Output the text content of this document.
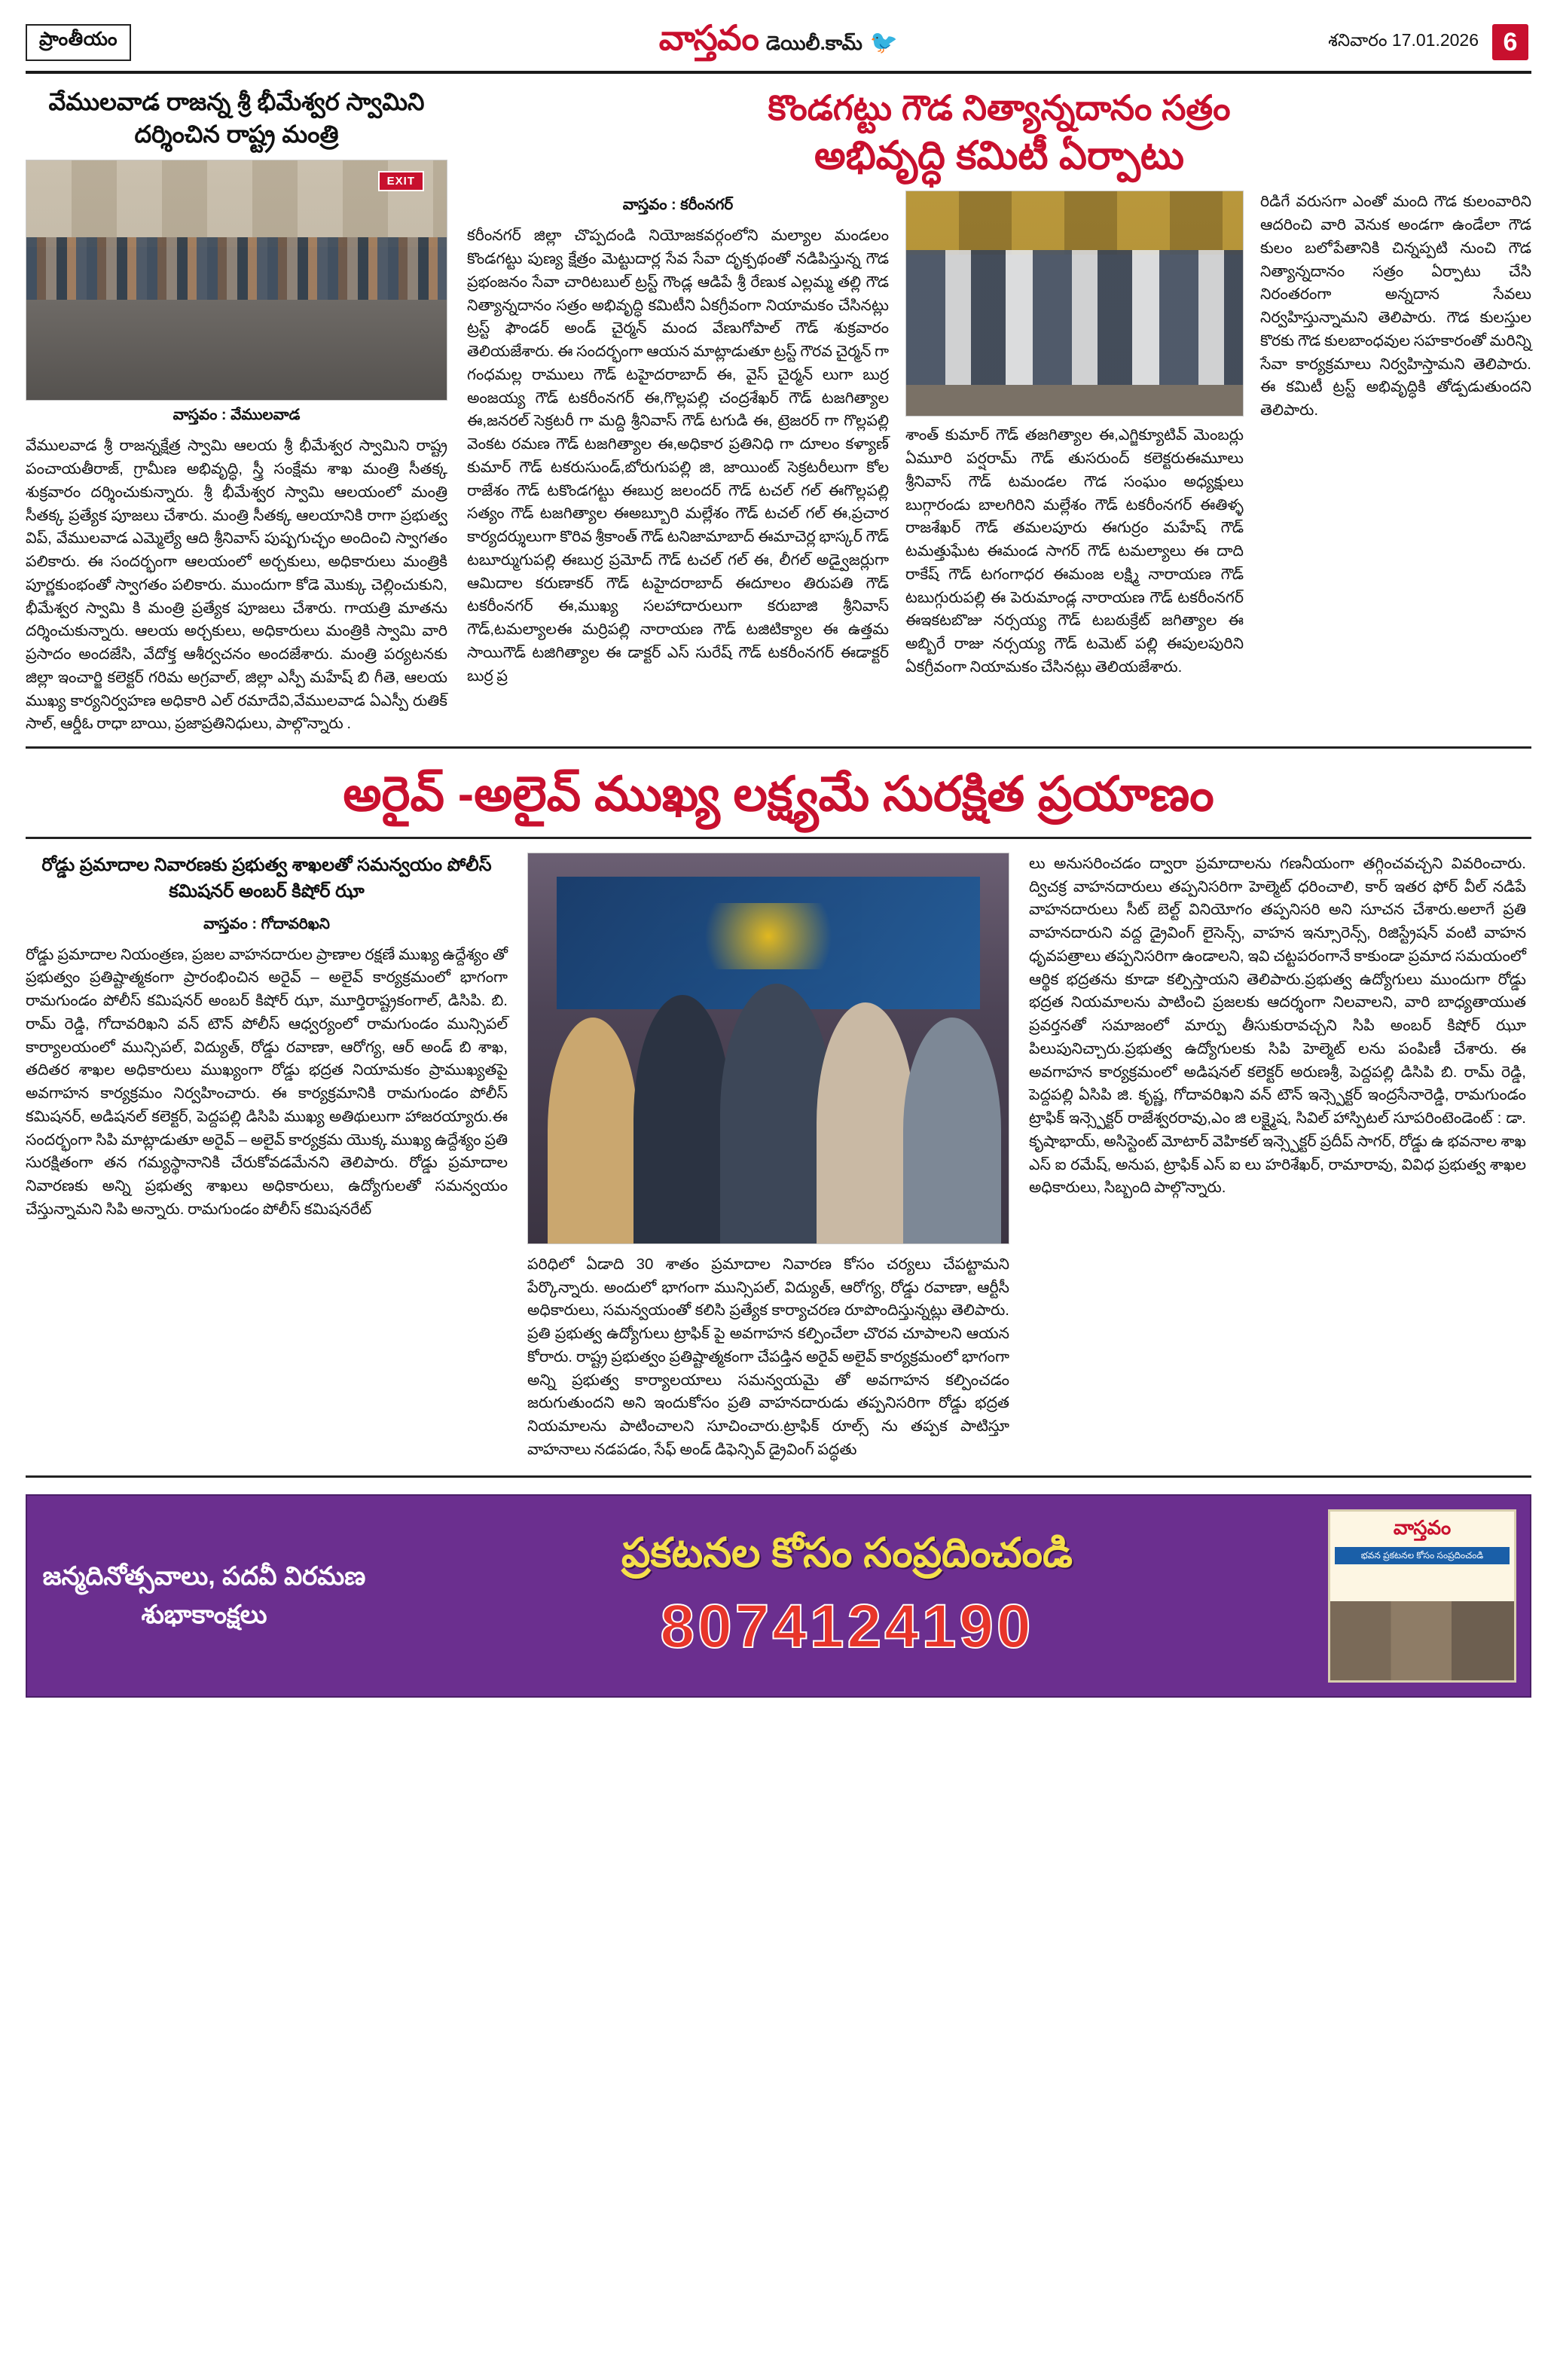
ప్రాంతీయం	వాస్తవం డెయిలీ.కామ్ 🐦	శనివారం 17.01.2026 6
వేములవాడ రాజన్న శ్రీ భీమేశ్వర స్వామిని దర్శించిన రాష్ట్ర మంత్రి
EXIT
వాస్తవం : వేములవాడ
వేములవాడ శ్రీ రాజన్నక్షేత్ర స్వామి ఆలయ శ్రీ భీమేశ్వర స్వామిని రాష్ట్ర పంచాయతీరాజ్, గ్రామీణ అభివృద్ధి, స్త్రీ సంక్షేమ శాఖ మంత్రి సీతక్క శుక్రవారం దర్శించుకున్నారు. శ్రీ భీమేశ్వర స్వామి ఆలయంలో మంత్రి సీతక్క ప్రత్యేక పూజలు చేశారు. మంత్రి సీతక్క ఆలయానికి రాగా ప్రభుత్వ విప్, వేములవాడ ఎమ్మెల్యే ఆది శ్రీనివాస్ పుష్పగుచ్ఛం అందించి స్వాగతం పలికారు. ఈ సందర్భంగా ఆలయంలో అర్చకులు, అధికారులు మంత్రికి పూర్ణకుంభంతో స్వాగతం పలికారు. ముందుగా కోడె మొక్కు చెల్లించుకుని, భీమేశ్వర స్వామి కి మంత్రి ప్రత్యేక పూజలు చేశారు. గాయత్రి మాతను దర్శించుకున్నారు. ఆలయ అర్చకులు, అధికారులు మంత్రికి స్వామి వారి ప్రసాదం అందజేసి, వేదోక్త ఆశీర్వచనం అందజేశారు. మంత్రి పర్యటనకు జిల్లా ఇంచార్జి కలెక్టర్ గరిమ అగ్రవాల్, జిల్లా ఎస్పీ మహేష్ బి గీతె, ఆలయ ముఖ్య కార్యనిర్వహణ అధికారి ఎల్ రమాదేవి,వేములవాడ ఏఎస్పీ రుతిక్ సాల్, ఆర్డీఓ రాధా బాయి, ప్రజాప్రతినిధులు, పాల్గొన్నారు .
కొండగట్టు గౌడ నిత్యాన్నదానం సత్రం
అభివృద్ధి కమిటీ ఏర్పాటు
వాస్తవం : కరీంనగర్
కరీంనగర్ జిల్లా చొప్పదండి నియోజకవర్గంలోని మల్యాల మండలం కొండగట్టు పుణ్య క్షేత్రం మెట్టుదార్ల సేవ సేవా దృక్పథంతో నడిపిస్తున్న గౌడ ప్రభంజనం సేవా చారిటబుల్ ట్రస్ట్ గౌండ్ల ఆడిపే శ్రీ రేణుక ఎల్లమ్మ తల్లి గౌడ నిత్యాన్నదానం సత్రం అభివృద్ధి కమిటీని ఏకగ్రీవంగా నియామకం చేసినట్లు ట్రస్ట్ ఫౌండర్ అండ్ చైర్మన్ మంద వేణుగోపాల్ గౌడ్ శుక్రవారం తెలియజేశారు. ఈ సందర్భంగా ఆయన మాట్లాడుతూ ట్రస్ట్ గౌరవ చైర్మన్ గా గంధమల్ల రాములు గౌడ్ టహైదరాబాద్ ఈ, వైస్ చైర్మన్ లుగా బుర్ర అంజయ్య గౌడ్ టకరీంనగర్ ఈ,గొల్లపల్లి చంద్రశేఖర్ గౌడ్ టజగిత్యాల ఈ,జనరల్ సెక్రటరీ గా మద్ది శ్రీనివాస్ గౌడ్ టగుడి ఈ, ట్రెజరర్ గా గొల్లపల్లి వెంకట రమణ గౌడ్ టజగిత్యాల ఈ,అధికార ప్రతినిధి గా దూలం కళ్యాణ్ కుమార్ గౌడ్ టకరుసుండ్,బోరుగుపల్లి జి, జాయింట్ సెక్రటరీలుగా కోల రాజేశం గౌడ్ టకొండగట్టు ఈబుర్ర జలందర్ గౌడ్ టచల్ గల్ ఈగొల్లపల్లి సత్యం గౌడ్ టజగిత్యాల ఈఅబ్బూరి మల్లేశం గౌడ్ టచల్ గల్ ఈ,ప్రచార కార్యదర్శులుగా కొరివ శ్రీకాంత్ గౌడ్ టనిజామాబాద్ ఈమాచెర్ల భాస్కర్ గౌడ్ టబూర్ముగుపల్లి ఈబుర్ర ప్రమోద్ గౌడ్ టచల్ గల్ ఈ, లీగల్ అడ్వైజర్లుగా ఆమిదాల కరుణాకర్ గౌడ్ టహైదరాబాద్ ఈదూలం తిరుపతి గౌడ్ టకరీంనగర్ ఈ,ముఖ్య సలహాదారులుగా కరుబాజి శ్రీనివాస్ గౌడ్,టమల్యాలఈ మర్రిపల్లి నారాయణ గౌడ్ టజిటిక్యాల ఈ ఉత్తమ సాయిగౌడ్ టజిగిత్యాల ఈ డాక్టర్ ఎస్ సురేష్ గౌడ్ టకరీంనగర్ ఈడాక్టర్ బుర్ర ప్ర
శాంత్ కుమార్ గౌడ్ తజగిత్యాల ఈ,ఎగ్జిక్యూటివ్ మెంబర్లు ఏమూరి పర్షరామ్ గౌడ్ తుసరుంద్ కలెక్టరుఈమూలు శ్రీనివాస్ గౌడ్ టమండల గౌడ సంఘం అధ్యక్షులు బుగ్గారండు బాలగిరిని మల్లేశం గౌడ్ టకరీంనగర్ ఈతిళ్ళ రాజశేఖర్ గౌడ్ తమలపూరు ఈగుర్రం మహేష్ గౌడ్ టమత్తుఘేట ఈమండ సాగర్ గౌడ్ టమల్యాలు ఈ దాది రాకేష్ గౌడ్ టగంగాధర ఈమంజ లక్ష్మి నారాయణ గౌడ్ టబుగ్గురుపల్లి ఈ పెరుమాండ్ల నారాయణ గౌడ్ టకరీంనగర్ ఈఇకటబొజు నర్సయ్య గౌడ్ టబఠుక్రేట్ జగిత్యాల ఈ అబ్బిరే రాజు నర్సయ్య గౌడ్ టమెట్ పల్లి ఈపులపురిని ఏకగ్రీవంగా నియామకం చేసినట్లు తెలియజేశారు.
రిడిగే వరుసగా ఎంతో మంది గౌడ కులంవారిని ఆదరించి వారి వెనుక అండగా ఉండేలా గౌడ కులం బలోపేతానికి చిన్నప్పటి నుంచి గౌడ నిత్యాన్నదానం సత్రం ఏర్పాటు చేసి నిరంతరంగా అన్నదాన సేవలు నిర్వహిస్తున్నామని తెలిపారు. గౌడ కులస్తుల కొరకు గౌడ కులబాంధవుల సహకారంతో మరిన్ని సేవా కార్యక్రమాలు నిర్వహిస్తామని తెలిపారు. ఈ కమిటీ ట్రస్ట్ అభివృద్ధికి తోడ్పడుతుందని తెలిపారు.
అరైవ్ -అలైవ్ ముఖ్య లక్ష్యమే సురక్షిత ప్రయాణం
రోడ్డు ప్రమాదాల నివారణకు ప్రభుత్వ శాఖలతో సమన్వయం పోలీస్ కమిషనర్ అంబర్ కిషోర్ ఝా
వాస్తవం : గోదావరిఖని
రోడ్డు ప్రమాదాల నియంత్రణ, ప్రజల వాహనదారుల ప్రాణాల రక్షణే ముఖ్య ఉద్దేశ్యం తో ప్రభుత్వం ప్రతిష్టాత్మకంగా ప్రారంభించిన అరైవ్ – అలైవ్ కార్యక్రమంలో భాగంగా రామగుండం పోలీస్ కమిషనర్ అంబర్ కిషోర్ ఝా, మూర్తిరాష్ట్రకంగాల్, డిసిపి. బి. రామ్ రెడ్డి, గోదావరిఖని వన్ టౌన్ పోలీస్ ఆధ్వర్యంలో రామగుండం మున్సిపల్ కార్యాలయంలో మున్సిపల్, విద్యుత్, రోడ్డు రవాణా, ఆరోగ్య, ఆర్ అండ్ బి శాఖ, తదితర శాఖల అధికారులు ముఖ్యంగా రోడ్డు భద్రత నియామకం ప్రాముఖ్యతపై అవగాహన కార్యక్రమం నిర్వహించారు. ఈ కార్యక్రమానికి రామగుండం పోలీస్ కమిషనర్, అడిషనల్ కలెక్టర్, పెద్దపల్లి డిసిపి ముఖ్య అతిథులుగా హాజరయ్యారు.ఈ సందర్భంగా సిపి మాట్లాడుతూ అరైవ్ – అలైవ్ కార్యక్రమ యొక్క ముఖ్య ఉద్దేశ్యం ప్రతి సురక్షితంగా తన గమ్యస్థానానికి చేరుకోవడమేనని తెలిపారు. రోడ్డు ప్రమాదాల నివారణకు అన్ని ప్రభుత్వ శాఖలు అధికారులు, ఉద్యోగులతో సమన్వయం చేస్తున్నామని సిపి అన్నారు. రామగుండం పోలీస్ కమిషనరేట్
పరిధిలో ఏడాది 30 శాతం ప్రమాదాల నివారణ కోసం చర్యలు చేపట్టామని పేర్కొన్నారు. అందులో భాగంగా మున్సిపల్, విద్యుత్, ఆరోగ్య, రోడ్డు రవాణా, ఆర్టీసీ అధికారులు, సమన్వయంతో కలిసి ప్రత్యేక కార్యాచరణ రూపొందిస్తున్నట్లు తెలిపారు. ప్రతి ప్రభుత్వ ఉద్యోగులు ట్రాఫిక్ పై అవగాహన కల్పించేలా చొరవ చూపాలని ఆయన కోరారు. రాష్ట్ర ప్రభుత్వం ప్రతిష్టాత్మకంగా చేపడ్తిన అరైవ్ అలైవ్ కార్యక్రమంలో భాగంగా అన్ని ప్రభుత్వ కార్యాలయాలు సమన్వయమై తో అవగాహన కల్పించడం జరుగుతుందని అని ఇందుకోసం ప్రతి వాహనదారుడు తప్పనిసరిగా రోడ్డు భద్రత నియమాలను పాటించాలని సూచించారు.ట్రాఫిక్ రూల్స్ ను తప్పక పాటిస్తూ వాహనాలు నడపడం, సేఫ్ అండ్ డిఫెన్సివ్ డ్రైవింగ్ పద్ధతు
లు అనుసరించడం ద్వారా ప్రమాదాలను గణనీయంగా తగ్గించవచ్చని వివరించారు. ద్విచక్ర వాహనదారులు తప్పనిసరిగా హెల్మెట్ ధరించాలి, కార్ ఇతర ఫోర్ వీల్ నడిపే వాహనదారులు సీట్ బెల్ట్ వినియోగం తప్పనిసరి అని సూచన చేశారు.అలాగే ప్రతి వాహనదారుని వద్ద డ్రైవింగ్ లైసెన్స్, వాహన ఇన్సూరెన్స్, రిజిస్ట్రేషన్ వంటి వాహన ధృవపత్రాలు తప్పనిసరిగా ఉండాలని, ఇవి చట్టపరంగానే కాకుండా ప్రమాద సమయంలో ఆర్థిక భద్రతను కూడా కల్పిస్తాయని తెలిపారు.ప్రభుత్వ ఉద్యోగులు ముందుగా రోడ్డు భద్రత నియమాలను పాటించి ప్రజలకు ఆదర్శంగా నిలవాలని, వారి బాధ్యతాయుత ప్రవర్తనతో సమాజంలో మార్పు తీసుకురావచ్చని సిపి అంబర్ కిషోర్ ఝూ పిలుపునిచ్చారు.ప్రభుత్వ ఉద్యోగులకు సిపి హెల్మెట్ లను పంపిణీ చేశారు. ఈ అవగాహన కార్యక్రమంలో అడిషనల్ కలెక్టర్ అరుణశ్రీ, పెద్దపల్లి డిసిపి బి. రామ్ రెడ్డి, పెద్దపల్లి ఏసిపి జి. కృష్ణ, గోదావరిఖని వన్ టౌన్ ఇన్స్పెక్టర్ ఇంద్రసేనారెడ్డి, రామగుండం ట్రాఫిక్ ఇన్స్పెక్టర్ రాజేశ్వరరావు,ఎం జి లక్ష్మైష, సివిల్ హాస్పిటల్ సూపరింటెండెంట్ : డా. కృషాభాయ్, అసిస్టెంట్ మోటార్ వెహికల్ ఇన్స్పెక్టర్ ప్రదీప్ సాగర్, రోడ్డు ఉ భవనాల శాఖ ఎస్ ఐ రమేష్, అనుప, ట్రాఫిక్ ఎస్ ఐ లు హరిశేఖర్, రామారావు, వివిధ ప్రభుత్వ శాఖల అధికారులు, సిబ్బంది పాల్గొన్నారు.
జన్మదినోత్సవాలు, పదవీ విరమణ శుభాకాంక్షలు
ప్రకటనల కోసం సంప్రదించండి
8074124190
వాస్తవం
భవన ప్రకటనల కోసం సంప్రదించండి
